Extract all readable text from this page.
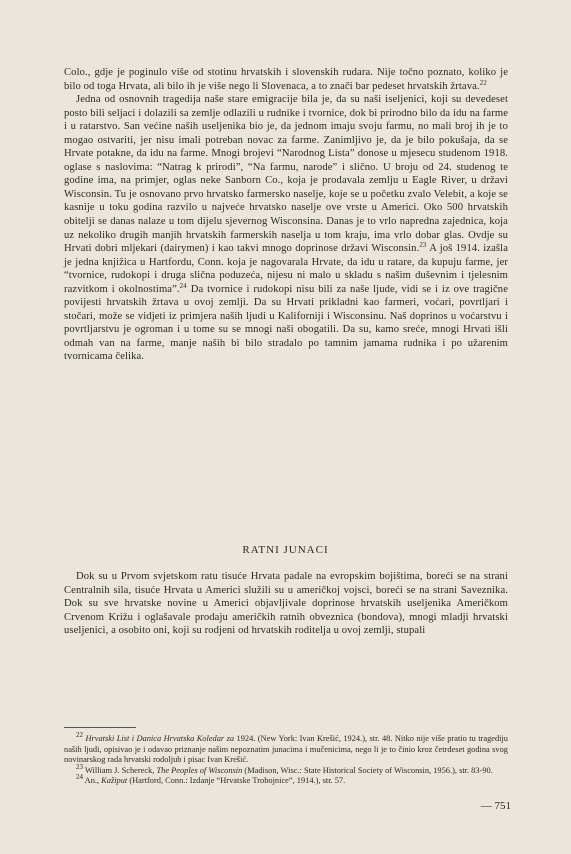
Colo., gdje je poginulo više od stotinu hrvatskih i slovenskih rudara. Nije točno poznato, koliko je bilo od toga Hrvata, ali bilo ih je više nego li Slovenaca, a to znači bar pedeset hrvatskih žrtava.$^{22}$

Jedna od osnovnih tragedija naše stare emigracije bila je, da su naši iseljenici, koji su devedeset posto bili seljaci i dolazili sa zemlje odlazili u rudnike i tvornice, dok bi prirodno bilo da idu na farme i u ratarstvo. San većine naših useljenika bio je, da jednom imaju svoju farmu, no mali broj ih je to mogao ostvariti, jer nisu imali potreban novac za farme. Zanimljivo je, da je bilo pokušaja, da se Hrvate potakne, da idu na farme. Mnogi brojevi “Narodnog Lista” donose u mjesecu studenom 1918. oglase s naslovima: “Natrag k prirodi”, “Na farmu, narode” i slično. U broju od 24. studenog te godine ima, na primjer, oglas neke Sanborn Co., koja je prodavala zemlju u Eagle River, u državi Wisconsin. Tu je osnovano prvo hrvatsko farmersko naselje, koje se u početku zvalo Velebit, a koje se kasnije u toku godina razvilo u najveće hrvatsko naselje ove vrste u Americi. Oko 500 hrvatskih obitelji se danas nalaze u tom dijelu sjevernog Wisconsina. Danas je to vrlo napredna zajednica, koja uz nekoliko drugih manjih hrvatskih farmerskih naselja u tom kraju, ima vrlo dobar glas. Ovdje su Hrvati dobri mljekari (dairymen) i kao takvi mnogo doprinose državi Wisconsin.$^{23}$ A još 1914. izašla je jedna knjižica u Hartfordu, Conn. koja je nagovarala Hrvate, da idu u ratare, da kupuju farme, jer “tvornice, rudokopi i druga slična poduzeća, nijesu ni malo u skladu s našim duševnim i tjelesnim razvitkom i okolnostima”.$^{24}$ Da tvornice i rudokopi nisu bili za naše ljude, vidi se i iz ove tragične povijesti hrvatskih žrtava u ovoj zemlji. Da su Hrvati prikladni kao farmeri, voćari, povrtljari i stočari, može se vidjeti iz primjera naših ljudi u Kaliforniji i Wisconsinu. Naš doprinos u voćarstvu i povrtljarstvu je ogroman i u tome su se mnogi naši obogatili. Da su, kamo sreće, mnogi Hrvati išli odmah van na farme, manje naših bi bilo stradalo po tamnim jamama rudnika i po užarenim tvornicama čelika.

RATNI JUNACI

Dok su u Prvom svjetskom ratu tisuće Hrvata padale na evropskim bojištima, boreći se na strani Centralnih sila, tisuće Hrvata u Americi služili su u američkoj vojsci, boreći se na strani Saveznika. Dok su sve hrvatske novine u Americi objavljivale doprinose hrvatskih useljenika Američkom Crvenom Križu i oglašavale prodaju američkih ratnih obveznica (bondova), mnogi mladji hrvatski useljenici, a osobito oni, koji su rodjeni od hrvatskih roditelja u ovoj zemlji, stupali

$^{22}$ Hrvatski List i Danica Hrvatska Koledar za 1924. (New York: Ivan Krešić, 1924.), str. 48. Nitko nije više pratio tu tragediju naših ljudi, opisivao je i odavao priznanje našim nepoznatim junacima i mučenicima, nego li je to činio kroz četrdeset godina svog novinarskog rada hrvatski rodoljub i pisac Ivan Krešić.

$^{23}$ William J. Schereck, The Peoples of Wisconsin (Madison, Wisc.: State Historical Society of Wisconsin, 1956.), str. 83-90.

$^{24}$ An., Kažiput (Hartford, Conn.: Izdanje “Hrvatske Trobojnice”, 1914.), str. 57.

— 751
